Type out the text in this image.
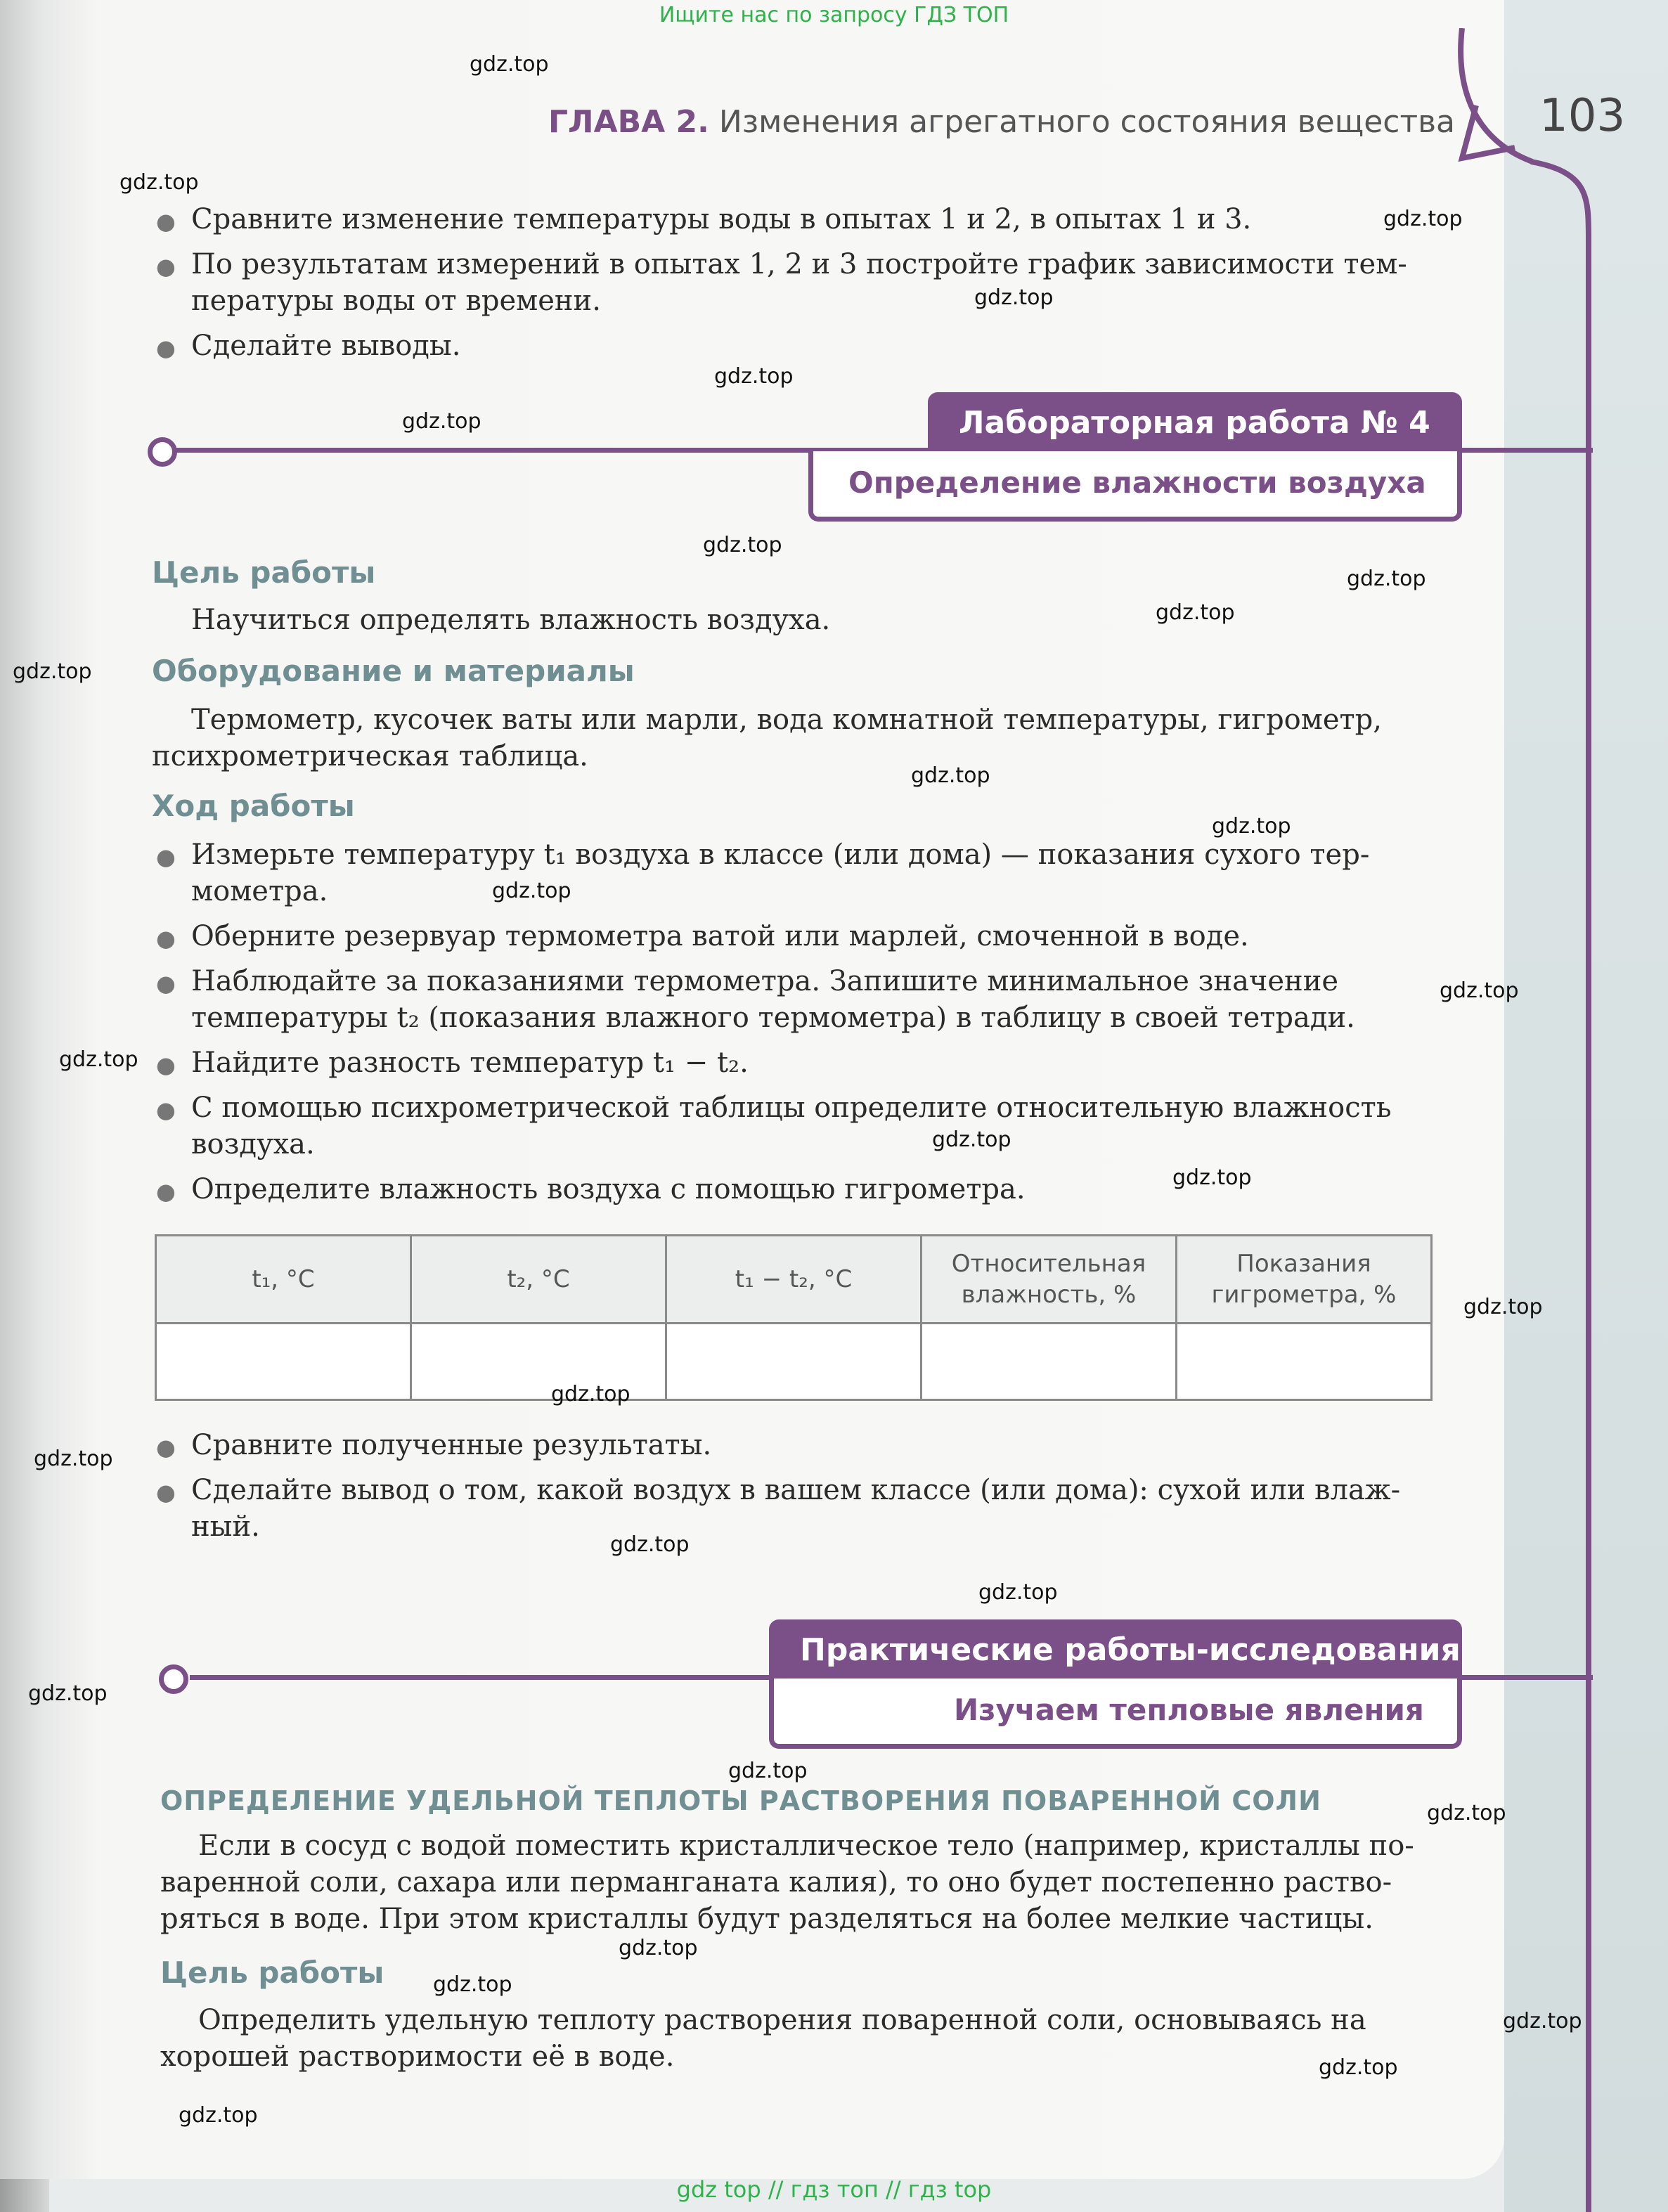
Ищите нас по запросу ГДЗ ТОП
ГЛАВА 2. Изменения агрегатного состояния вещества 103
● Сравните изменение температуры воды в опытах 1 и 2, в опытах 1 и 3.
● По результатам измерений в опытах 1, 2 и 3 постройте график зависимости тем-
пературы воды от времени.
● Сделайте выводы.
Лабораторная работа № 4
Определение влажности воздуха
Цель работы
Научиться определять влажность воздуха.
Оборудование и материалы
Термометр, кусочек ваты или марли, вода комнатной температуры, гигрометр,
психрометрическая таблица.
Ход работы
● Измерьте температуру t₁ воздуха в классе (или дома) — показания сухого тер-
мометра.
● Оберните резервуар термометра ватой или марлей, смоченной в воде.
● Наблюдайте за показаниями термометра. Запишите минимальное значение
температуры t₂ (показания влажного термометра) в таблицу в своей тетради.
● Найдите разность температур t₁ − t₂.
● С помощью психрометрической таблицы определите относительную влажность
воздуха.
● Определите влажность воздуха с помощью гигрометра.
t₁, °C	t₂, °C	t₁ − t₂, °C	Относительная
влажность, %	Показания
гигрометра, %

● Сравните полученные результаты.
● Сделайте вывод о том, какой воздух в вашем классе (или дома): сухой или влаж-
ный.
Практические работы-исследования
Изучаем тепловые явления
ОПРЕДЕЛЕНИЕ УДЕЛЬНОЙ ТЕПЛОТЫ РАСТВОРЕНИЯ ПОВАРЕННОЙ СОЛИ
Если в сосуд с водой поместить кристаллическое тело (например, кристаллы по-
варенной соли, сахара или перманганата калия), то оно будет постепенно раство-
ряться в воде. При этом кристаллы будут разделяться на более мелкие частицы.
Цель работы
Определить удельную теплоту растворения поваренной соли, основываясь на
хорошей растворимости её в воде.
gdz.top
gdz.top
gdz.top
gdz.top
gdz.top
gdz.top
gdz.top
gdz.top
gdz.top
gdz.top
gdz.top
gdz.top
gdz.top
gdz.top
gdz.top
gdz.top
gdz.top
gdz.top
gdz.top
gdz.top
gdz.top
gdz.top
gdz.top
gdz.top
gdz.top
gdz.top
gdz.top
gdz.top
gdz.top
gdz.top
gdz top // гдз топ // гдз top
